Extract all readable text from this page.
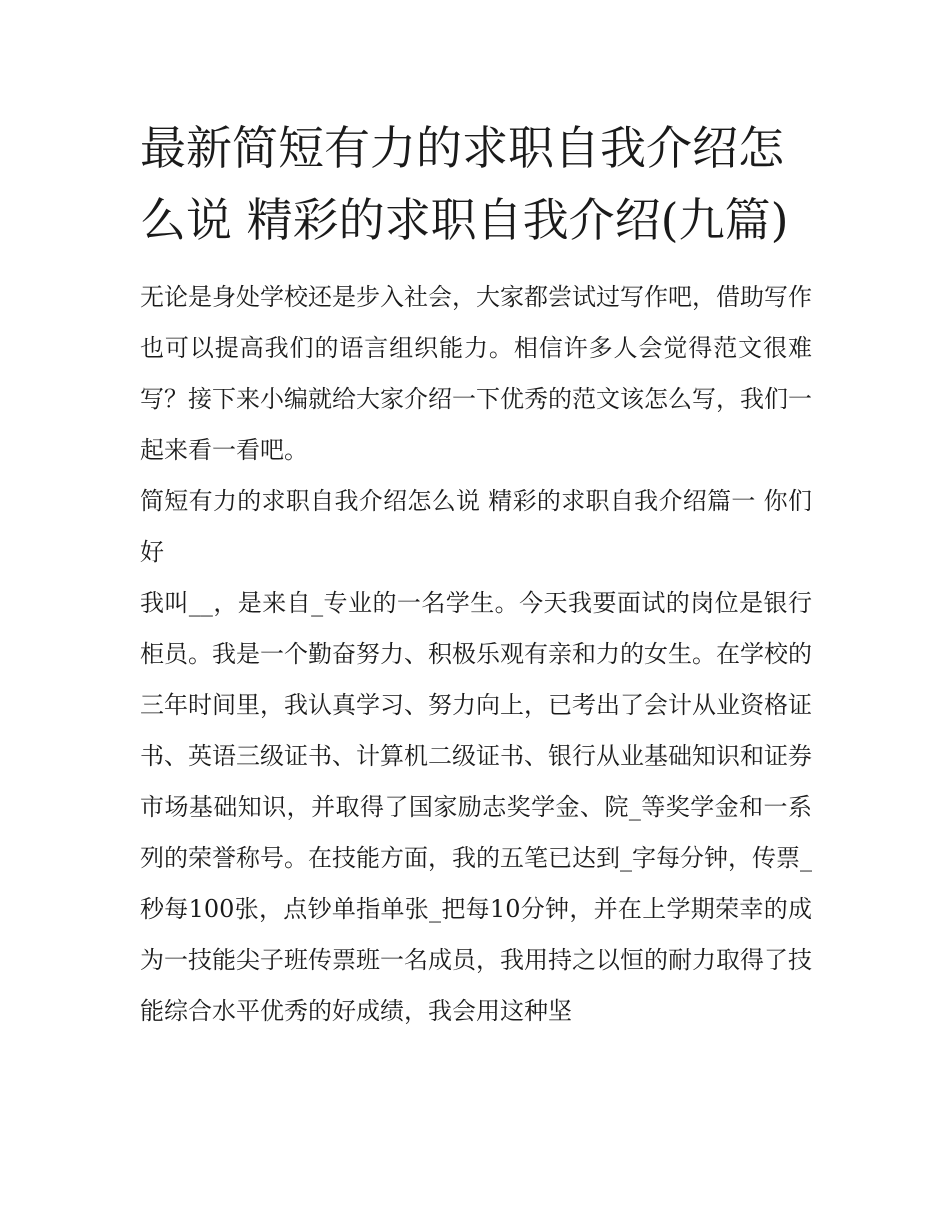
最新简短有力的求职自我介绍怎么说 精彩的求职自我介绍(九篇)

无论是身处学校还是步入社会，大家都尝试过写作吧，借助写作也可以提高我们的语言组织能力。相信许多人会觉得范文很难写？接下来小编就给大家介绍一下优秀的范文该怎么写，我们一起来看一看吧。

简短有力的求职自我介绍怎么说 精彩的求职自我介绍篇一 你们好

我叫__，是来自_专业的一名学生。今天我要面试的岗位是银行柜员。我是一个勤奋努力、积极乐观有亲和力的女生。在学校的三年时间里，我认真学习、努力向上，已考出了会计从业资格证书、英语三级证书、计算机二级证书、银行从业基础知识和证券市场基础知识，并取得了国家励志奖学金、院_等奖学金和一系列的荣誉称号。在技能方面，我的五笔已达到_字每分钟，传票_秒每100张，点钞单指单张_把每10分钟，并在上学期荣幸的成为一技能尖子班传票班一名成员，我用持之以恒的耐力取得了技能综合水平优秀的好成绩，我会用这种坚
